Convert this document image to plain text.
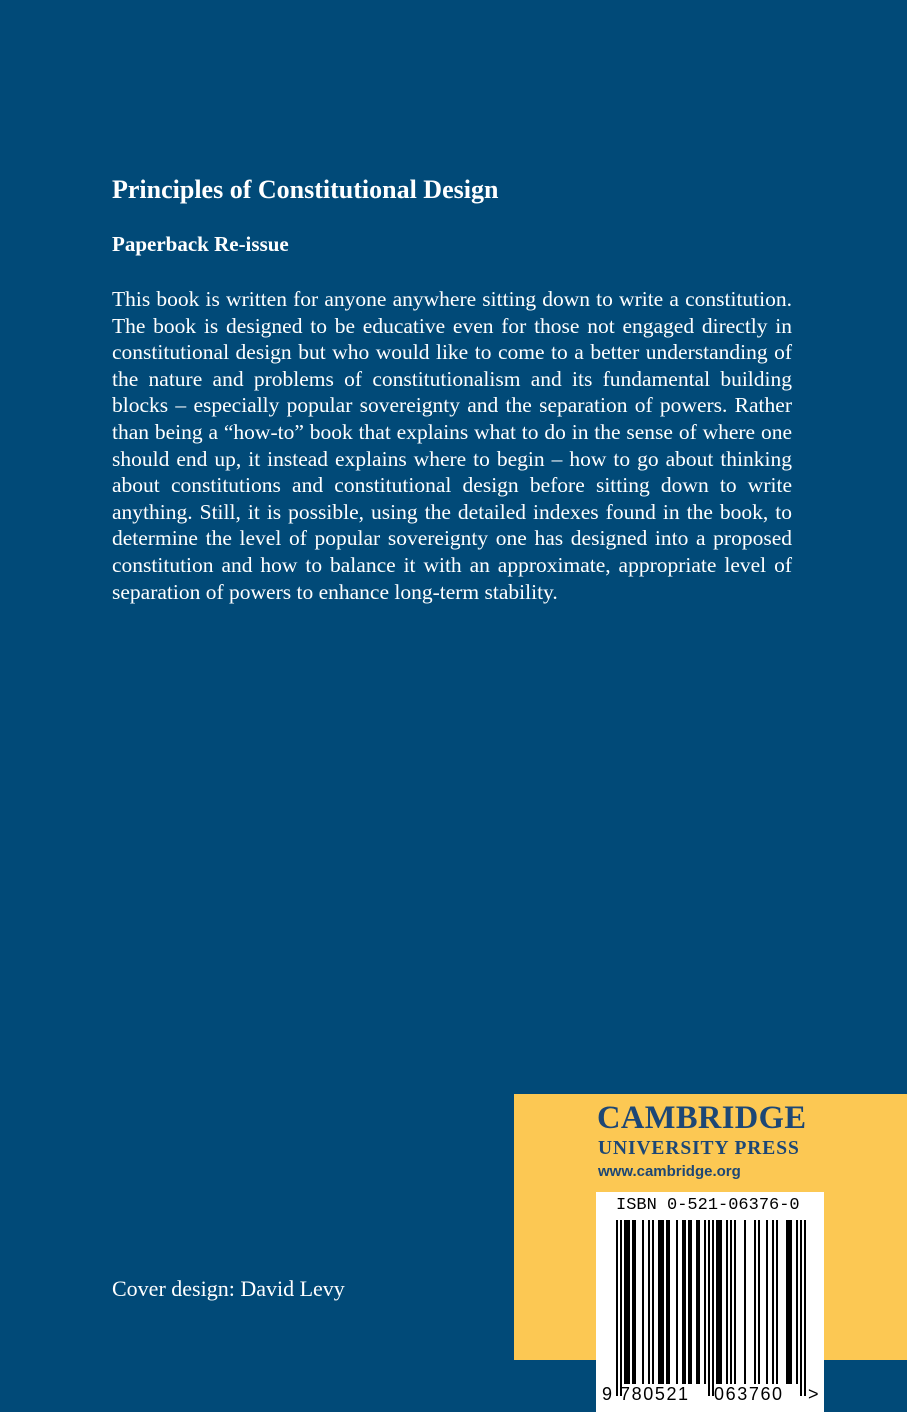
Principles of Constitutional Design
Paperback Re-issue

This book is written for anyone anywhere sitting down to write a constitution. The book is designed to be educative even for those not engaged directly in constitutional design but who would like to come to a better understanding of the nature and problems of constitutionalism and its fundamental building blocks – especially popular sovereignty and the separation of powers. Rather than being a “how-to” book that explains what to do in the sense of where one should end up, it instead explains where to begin – how to go about thinking about constitutions and constitutional design before sitting down to write anything. Still, it is possible, using the detailed indexes found in the book, to determine the level of popular sovereignty one has designed into a proposed constitution and how to balance it with an approximate, appropriate level of separation of powers to enhance long-term stability.

Cover design: David Levy

CAMBRIDGE
UNIVERSITY PRESS
www.cambridge.org
ISBN 0-521-06376-0
9 780521	063760	>
